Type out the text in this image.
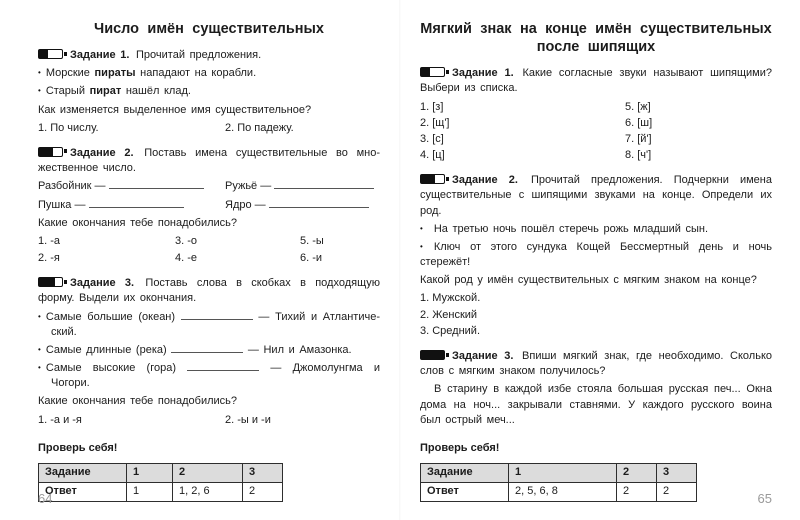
Число имён существительных

Задание 1. Прочитай предложения.

• Морские пираты нападают на корабли.

• Старый пират нашёл клад.

Как изменяется выделенное имя существительное?

1. По числу.	2. По падежу.

Задание 2. Поставь имена существительные во множественное число.

Разбойник —	Ружьё —

Пушка —	Ядро —

Какие окончания тебе понадобились?

1. -а	3. -о	5. -ы
2. -я	4. -е	6. -и

Задание 3. Поставь слова в скобках в подходящую форму. Выдели их окончания.

• Самые большие (океан)	— Тихий и Атлантический.

• Самые длинные (река)	— Нил и Амазонка.

• Самые высокие (гора)	— Джомолунгма и Чогори.

Какие окончания тебе понадобились?

1. -а и -я	2. -ы и -и

Проверь себя!

Задание	1	2	3
Ответ	1	1, 2, 6	2
64
Мягкий знак на конце имён существительных
после шипящих

Задание 1. Какие согласные звуки называют шипящими? Выбери из списка.

1. [з]	5. [ж]

2. [щ']	6. [ш]

3. [с]	7. [й']

4. [ц]	8. [ч']

Задание 2. Прочитай предложения. Подчеркни имена существительные с шипящими звуками на конце. Определи их род.

• На третью ночь пошёл стеречь рожь младший сын.

• Ключ от этого сундука Кощей Бессмертный день и ночь стережёт!

Какой род у имён существительных с мягким знаком на конце?

1. Мужской.

2. Женский

3. Средний.

Задание 3. Впиши мягкий знак, где необходимо. Сколько слов с мягким знаком получилось?

В старину в каждой избе стояла большая русская печ... Окна дома на ноч... закрывали ставнями. У каждого русского воина был острый меч...

Проверь себя!

Задание	1	2	3
Ответ	2, 5, 6, 8	2	2	65
